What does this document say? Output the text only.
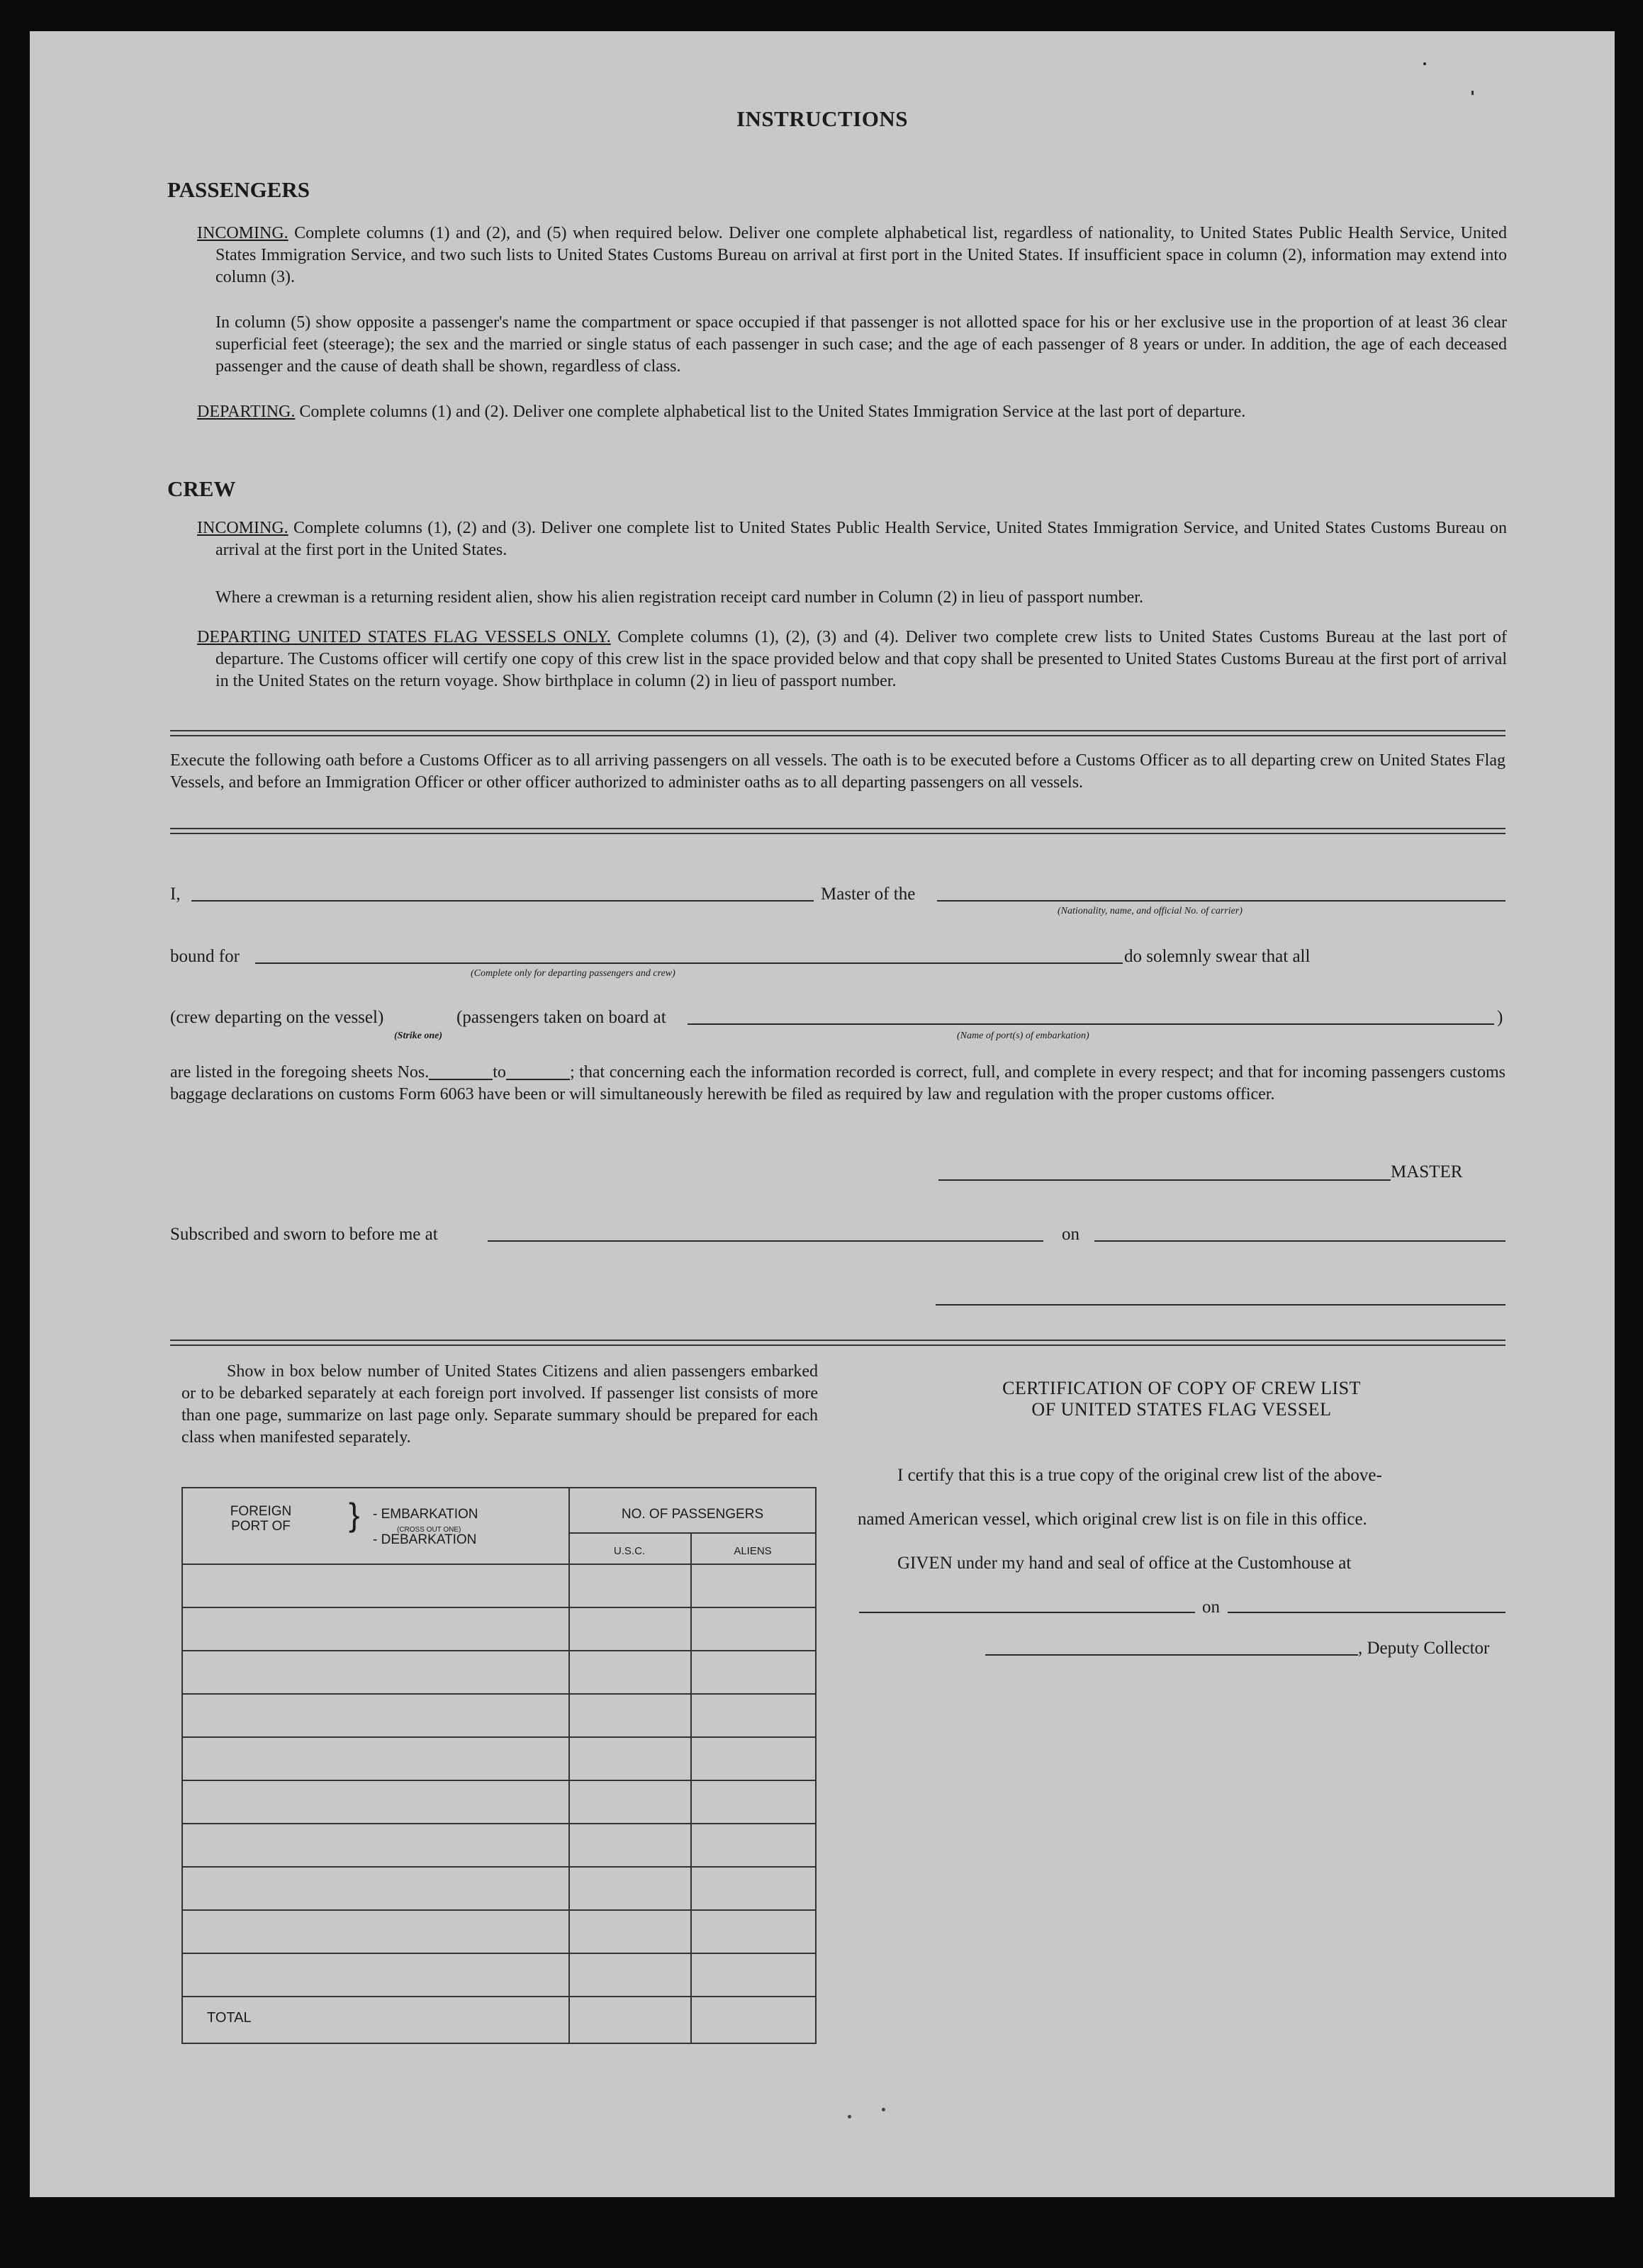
INSTRUCTIONS
PASSENGERS

INCOMING. Complete columns (1) and (2), and (5) when required below. Deliver one complete alphabetical list, regardless of nationality, to United States Public Health Service, United States Immigration Service, and two such lists to United States Customs Bureau on arrival at first port in the United States. If insufficient space in column (2), information may extend into column (3).

In column (5) show opposite a passenger's name the compartment or space occupied if that passenger is not allotted space for his or her exclusive use in the proportion of at least 36 clear superficial feet (steerage); the sex and the married or single status of each passenger in such case; and the age of each passenger of 8 years or under. In addition, the age of each deceased passenger and the cause of death shall be shown, regardless of class.

DEPARTING. Complete columns (1) and (2). Deliver one complete alphabetical list to the United States Immigration Service at the last port of departure.

CREW

INCOMING. Complete columns (1), (2) and (3). Deliver one complete list to United States Public Health Service, United States Immigration Service, and United States Customs Bureau on arrival at the first port in the United States.

Where a crewman is a returning resident alien, show his alien registration receipt card number in Column (2) in lieu of passport number.

DEPARTING UNITED STATES FLAG VESSELS ONLY. Complete columns (1), (2), (3) and (4). Deliver two complete crew lists to United States Customs Bureau at the last port of departure. The Customs officer will certify one copy of this crew list in the space provided below and that copy shall be presented to United States Customs Bureau at the first port of arrival in the United States on the return voyage. Show birthplace in column (2) in lieu of passport number.

Execute the following oath before a Customs Officer as to all arriving passengers on all vessels. The oath is to be executed before a Customs Officer as to all departing crew on United States Flag Vessels, and before an Immigration Officer or other officer authorized to administer oaths as to all departing passengers on all vessels.

I,	Master of the
(Nationality, name, and official No. of carrier)
bound for
(Complete only for departing passengers and crew)
do solemnly swear that all
(crew departing on the vessel)	(passengers taken on board at
(Strike one)	(Name of port(s) of embarkation)
)

are listed in the foregoing sheets Nos.	to	; that concerning each the information recorded is correct, full, and complete in every respect; and that for incoming passengers customs baggage declarations on customs Form 6063 have been or will simultaneously herewith be filed as required by law and regulation with the proper customs officer.

MASTER
Subscribed and sworn to before me at	on

Show in box below number of United States Citizens and alien passengers embarked or to be debarked separately at each foreign port involved. If passenger list consists of more than one page, summarize on last page only. Separate summary should be prepared for each class when manifested separately.

FOREIGN PORT OF	} - EMBARKATION
(CROSS OUT ONE)
- DEBARKATION
NO. OF PASSENGERS
U.S.C.	ALIENS
TOTAL

CERTIFICATION OF COPY OF CREW LIST

OF UNITED STATES FLAG VESSEL

I certify that this is a true copy of the original crew list of the above-
named American vessel, which original crew list is on file in this office.
GIVEN under my hand and seal of office at the Customhouse at
on
, Deputy Collector
